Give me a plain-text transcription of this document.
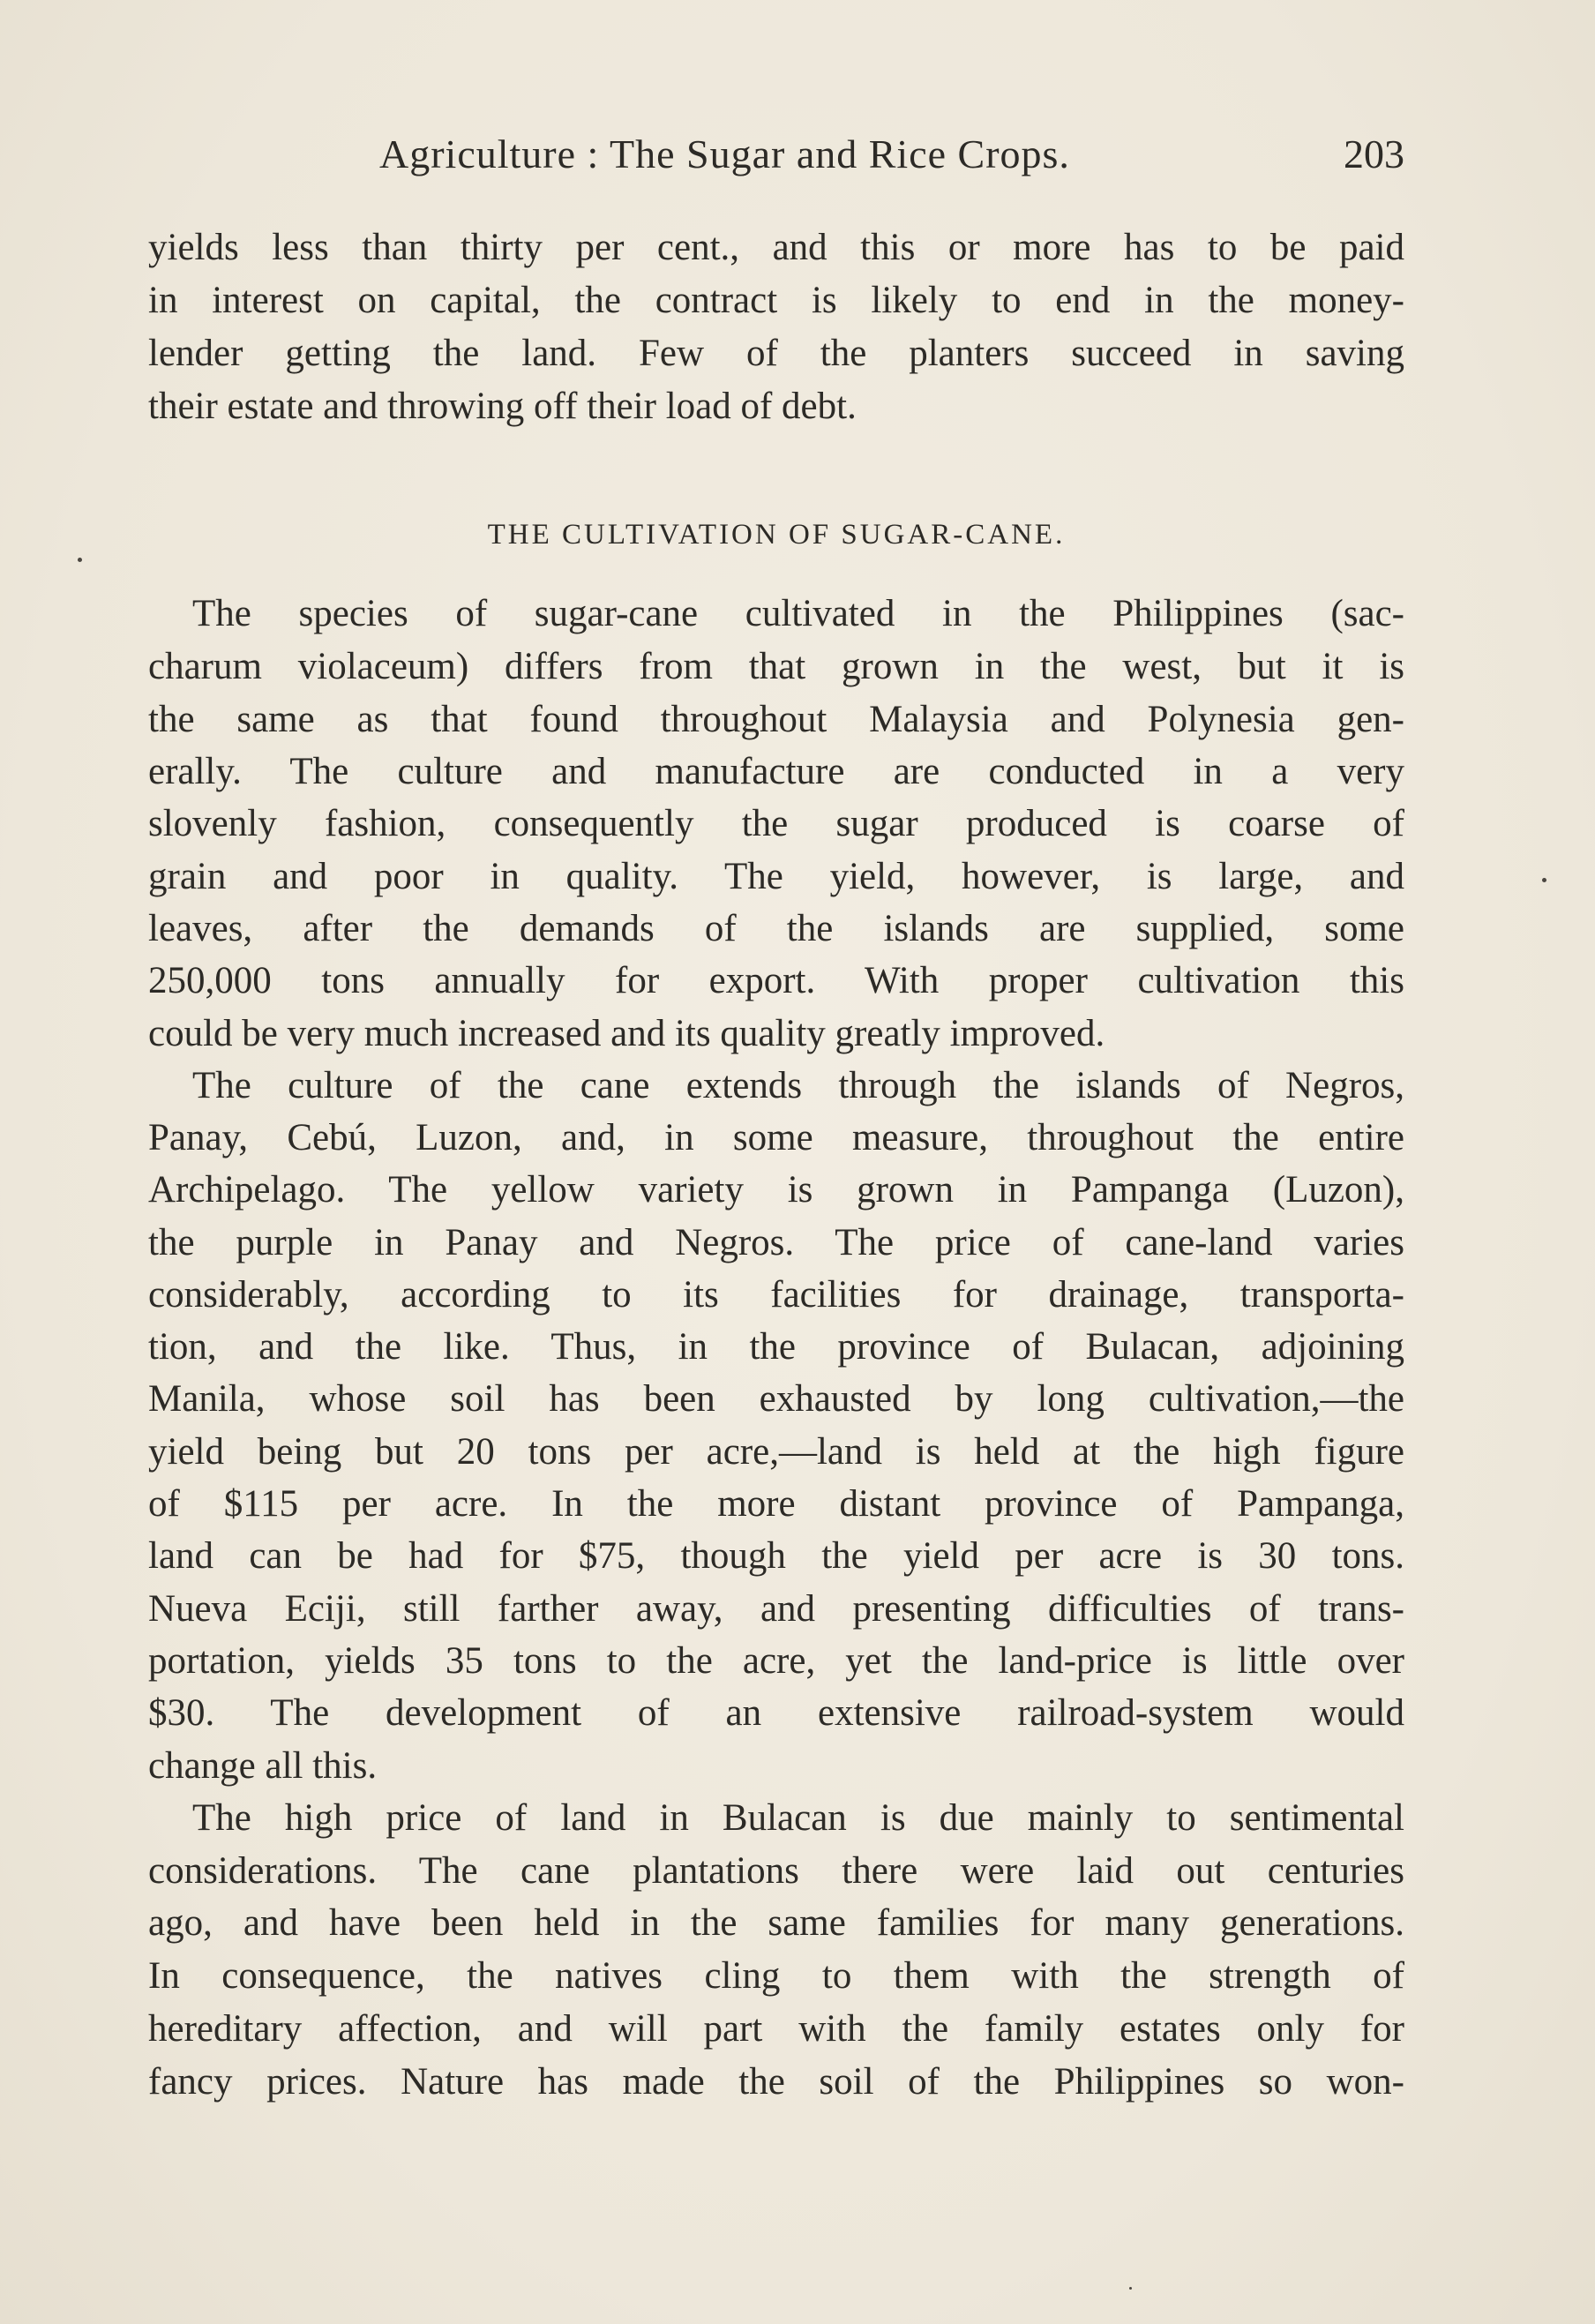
Agriculture : The Sugar and Rice Crops.	203
yields less than thirty per cent., and this or more has to be paid
in interest on capital, the contract is likely to end in the money-
lender getting the land. Few of the planters succeed in saving
their estate and throwing off their load of debt.
THE CULTIVATION OF SUGAR-CANE.
The species of sugar-cane cultivated in the Philippines (sac-
charum violaceum) differs from that grown in the west, but it is
the same as that found throughout Malaysia and Polynesia gen-
erally. The culture and manufacture are conducted in a very
slovenly fashion, consequently the sugar produced is coarse of
grain and poor in quality. The yield, however, is large, and
leaves, after the demands of the islands are supplied, some
250,000 tons annually for export. With proper cultivation this
could be very much increased and its quality greatly improved.
The culture of the cane extends through the islands of Negros,
Panay, Cebú, Luzon, and, in some measure, throughout the entire
Archipelago. The yellow variety is grown in Pampanga (Luzon),
the purple in Panay and Negros. The price of cane-land varies
considerably, according to its facilities for drainage, transporta-
tion, and the like. Thus, in the province of Bulacan, adjoining
Manila, whose soil has been exhausted by long cultivation,—the
yield being but 20 tons per acre,—land is held at the high figure
of $115 per acre. In the more distant province of Pampanga,
land can be had for $75, though the yield per acre is 30 tons.
Nueva Eciji, still farther away, and presenting difficulties of trans-
portation, yields 35 tons to the acre, yet the land-price is little over
$30. The development of an extensive railroad-system would
change all this.
The high price of land in Bulacan is due mainly to sentimental
considerations. The cane plantations there were laid out centuries
ago, and have been held in the same families for many generations.
In consequence, the natives cling to them with the strength of
hereditary affection, and will part with the family estates only for
fancy prices. Nature has made the soil of the Philippines so won-
